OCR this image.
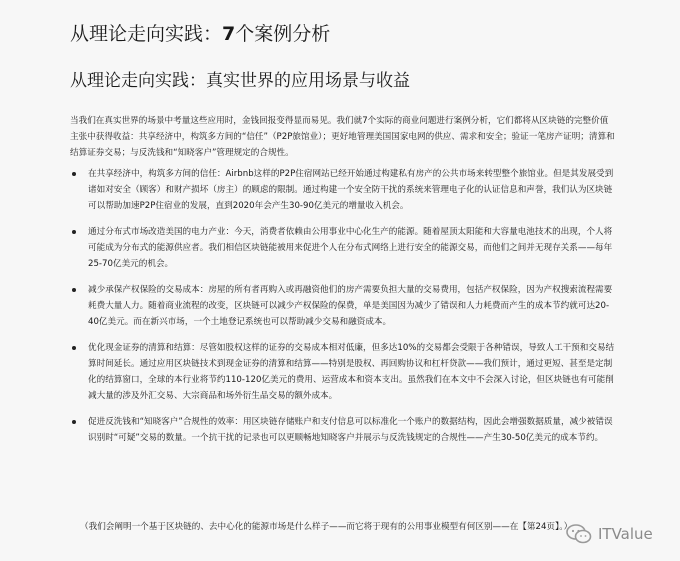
从理论走向实践：7个案例分析
从理论走向实践：真实世界的应用场景与收益
当我们在真实世界的场景中考量这些应用时，金钱回报变得显而易见。我们就7个实际的商业问题进行案例分析，它们都将从区块链的完整价值主张中获得收益：共享经济中，构筑多方间的“信任”（P2P旅馆业）；更好地管理美国国家电网的供应、需求和安全；验证一笔房产证明；清算和结算证券交易；与反洗钱和“知晓客户”管理规定的合规性。
在共享经济中，构筑多方间的信任：Airbnb这样的P2P住宿网站已经开始通过构建私有房产的公共市场来转型整个旅馆业。但是其发展受到诸如对安全（顾客）和财产损坏（房主）的顾虑的限制。通过构建一个安全防干扰的系统来管理电子化的认证信息和声誉，我们认为区块链可以帮助加速P2P住宿业的发展，直到2020年会产生30-90亿美元的增量收入机会。
通过分布式市场改造美国的电力产业：今天，消费者依赖由公用事业中心化生产的能源。随着屋顶太阳能和大容量电池技术的出现，个人将可能成为分布式的能源供应者。我们相信区块链能被用来促进个人在分布式网络上进行安全的能源交易，而他们之间并无现存关系——每年25-70亿美元的机会。
减少承保产权保险的交易成本：房屋的所有者再购入或再融资他们的房产需要负担大量的交易费用，包括产权保险，因为产权搜索流程需要耗费大量人力。随着商业流程的改变，区块链可以减少产权保险的保费，单是美国因为减少了错误和人力耗费而产生的成本节约就可达20-40亿美元。而在新兴市场，一个土地登记系统也可以帮助减少交易和融资成本。
优化现金证券的清算和结算：尽管如股权这样的证券的交易成本相对低廉，但多达10%的交易都会受限于各种错误，导致人工干预和交易结算时间延长。通过应用区块链技术到现金证券的清算和结算——特别是股权、再回购协议和杠杆贷款——我们预计，通过更短、甚至是定制化的结算窗口，全球的本行业将节约110-120亿美元的费用、运营成本和资本支出。虽然我们在本文中不会深入讨论，但区块链也有可能削减大量的涉及外汇交易、大宗商品和场外衍生品交易的额外成本。
促进反洗钱和“知晓客户”合规性的效率：用区块链存储账户和支付信息可以标准化一个账户的数据结构，因此会增强数据质量，减少被错误识别时“可疑”交易的数量。一个抗干扰的记录也可以更顺畅地知晓客户并展示与反洗钱规定的合规性——产生30-50亿美元的成本节约。
（我们会阐明一个基于区块链的、去中心化的能源市场是什么样子——而它将于现有的公用事业模型有何区别——在【第24页】。）	ITValue
